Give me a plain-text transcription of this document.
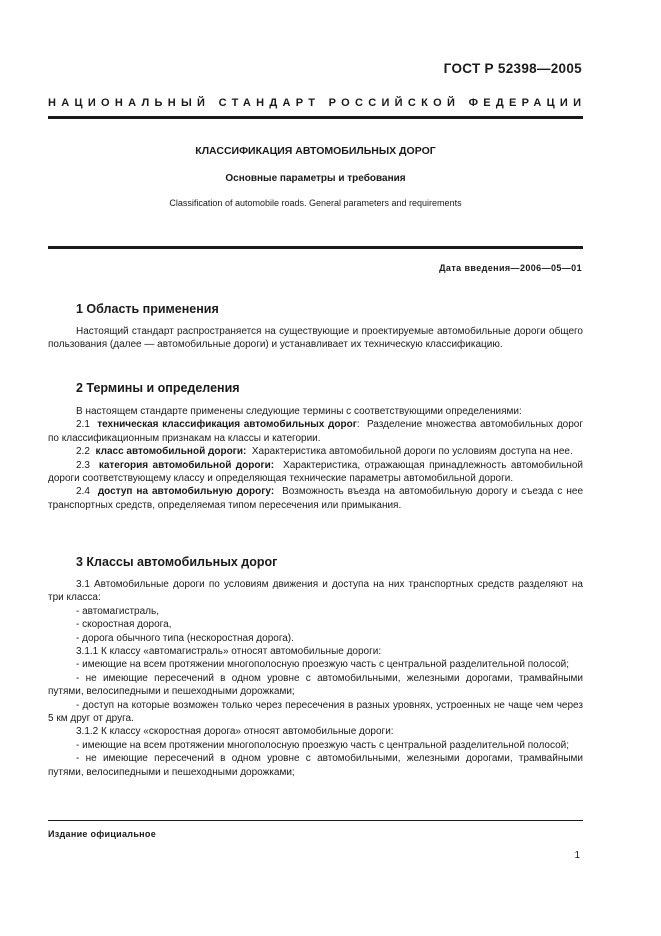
ГОСТ Р 52398—2005
НАЦИОНАЛЬНЫЙ СТАНДАРТ РОССИЙСКОЙ ФЕДЕРАЦИИ
КЛАССИФИКАЦИЯ АВТОМОБИЛЬНЫХ ДОРОГ
Основные параметры и требования
Classification of automobile roads. General parameters and requirements
Дата введения—2006—05—01
1 Область применения

Настоящий стандарт распространяется на существующие и проектируемые автомобильные дороги общего пользования (далее — автомобильные дороги) и устанавливает их техническую классификацию.

2 Термины и определения

В настоящем стандарте применены следующие термины с соответствующими определениями:

2.1 техническая классификация автомобильных дорог:  Разделение множества автомобильных дорог по классификационным признакам на классы и категории.

2.2 класс автомобильной дороги: Характеристика автомобильной дороги по условиям доступа на нее.

2.3 категория автомобильной дороги: Характеристика, отражающая принадлежность автомобильной дороги соответствующему классу и определяющая технические параметры автомобильной дороги.

2.4 доступ на автомобильную дорогу: Возможность въезда на автомобильную дорогу и съезда с нее транспортных средств, определяемая типом пересечения или примыкания.

3 Классы автомобильных дорог

3.1 Автомобильные дороги по условиям движения и доступа на них транспортных средств разделяют на три класса:

- автомагистраль,

- скоростная дорога,

- дорога обычного типа (нескоростная дорога).

3.1.1 К классу «автомагистраль» относят автомобильные дороги:

- имеющие на всем протяжении многополосную проезжую часть с центральной разделительной полосой;

- не имеющие пересечений в одном уровне с автомобильными, железными дорогами, трамвайными путями, велосипедными и пешеходными дорожками;

- доступ на которые возможен только через пересечения в разных уровнях, устроенных не чаще чем через 5 км друг от друга.

3.1.2 К классу «скоростная дорога» относят автомобильные дороги:

- имеющие на всем протяжении многополосную проезжую часть с центральной разделительной полосой;

- не имеющие пересечений в одном уровне с автомобильными, железными дорогами, трамвайными путями, велосипедными и пешеходными дорожками;

Издание официальное
1
